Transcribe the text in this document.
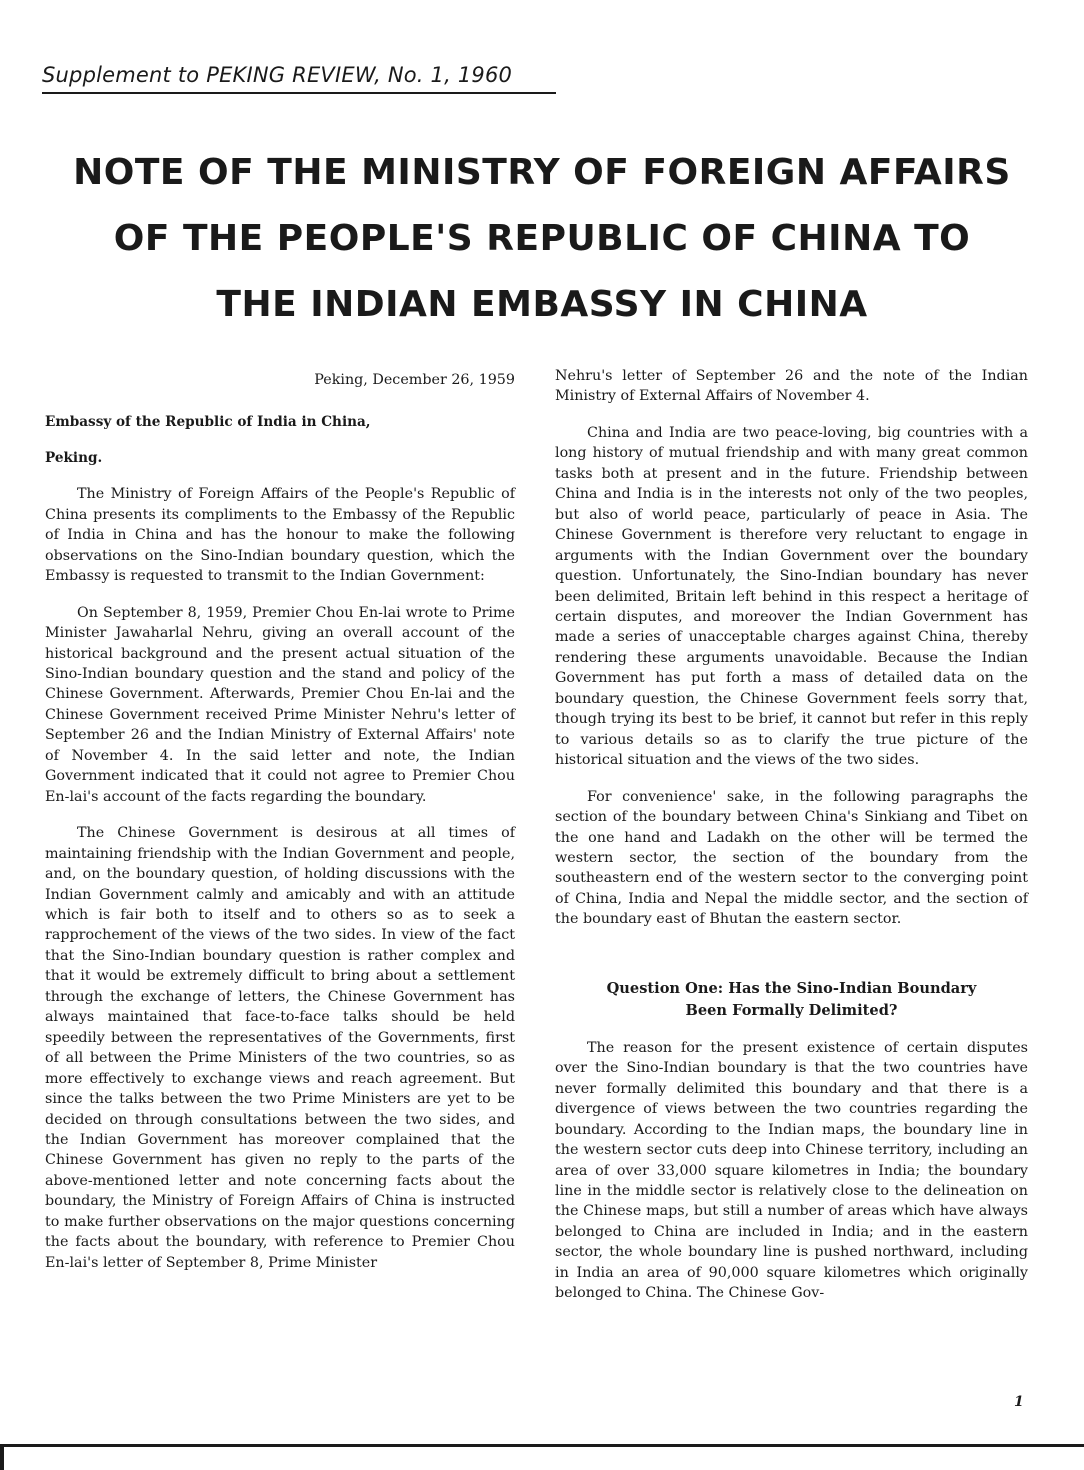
Supplement to PEKING REVIEW, No. 1, 1960
NOTE OF THE MINISTRY OF FOREIGN AFFAIRS
OF THE PEOPLE'S REPUBLIC OF CHINA TO
THE INDIAN EMBASSY IN CHINA
Peking, December 26, 1959
Embassy of the Republic of India in China,
Peking.

The Ministry of Foreign Affairs of the People's Republic of China presents its compliments to the Embassy of the Republic of India in China and has the honour to make the following observations on the Sino-Indian boundary question, which the Embassy is requested to transmit to the Indian Government:

On September 8, 1959, Premier Chou En-lai wrote to Prime Minister Jawaharlal Nehru, giving an overall account of the historical background and the present actual situation of the Sino-Indian boundary question and the stand and policy of the Chinese Government. Afterwards, Premier Chou En-lai and the Chinese Government received Prime Minister Nehru's letter of September 26 and the Indian Ministry of External Affairs' note of November 4. In the said letter and note, the Indian Government indicated that it could not agree to Premier Chou En-lai's account of the facts regarding the boundary.

The Chinese Government is desirous at all times of maintaining friendship with the Indian Government and people, and, on the boundary question, of holding discussions with the Indian Government calmly and amicably and with an attitude which is fair both to itself and to others so as to seek a rapprochement of the views of the two sides. In view of the fact that the Sino-Indian boundary question is rather complex and that it would be extremely difficult to bring about a settlement through the exchange of letters, the Chinese Government has always maintained that face-to-face talks should be held speedily between the representatives of the Governments, first of all between the Prime Ministers of the two countries, so as more effectively to exchange views and reach agreement. But since the talks between the two Prime Ministers are yet to be decided on through consultations between the two sides, and the Indian Government has moreover complained that the Chinese Government has given no reply to the parts of the above-mentioned letter and note concerning facts about the boundary, the Ministry of Foreign Affairs of China is instructed to make further observations on the major questions concerning the facts about the boundary, with reference to Premier Chou En-lai's letter of September 8, Prime Minister

Nehru's letter of September 26 and the note of the Indian Ministry of External Affairs of November 4.

China and India are two peace-loving, big countries with a long history of mutual friendship and with many great common tasks both at present and in the future. Friendship between China and India is in the interests not only of the two peoples, but also of world peace, particularly of peace in Asia. The Chinese Government is therefore very reluctant to engage in arguments with the Indian Government over the boundary question. Unfortunately, the Sino-Indian boundary has never been delimited, Britain left behind in this respect a heritage of certain disputes, and moreover the Indian Government has made a series of unacceptable charges against China, thereby rendering these arguments unavoidable. Because the Indian Government has put forth a mass of detailed data on the boundary question, the Chinese Government feels sorry that, though trying its best to be brief, it cannot but refer in this reply to various details so as to clarify the true picture of the historical situation and the views of the two sides.

For convenience' sake, in the following paragraphs the section of the boundary between China's Sinkiang and Tibet on the one hand and Ladakh on the other will be termed the western sector, the section of the boundary from the southeastern end of the western sector to the converging point of China, India and Nepal the middle sector, and the section of the boundary east of Bhutan the eastern sector.

Question One: Has the Sino-Indian Boundary
Been Formally Delimited?

The reason for the present existence of certain disputes over the Sino-Indian boundary is that the two countries have never formally delimited this boundary and that there is a divergence of views between the two countries regarding the boundary. According to the Indian maps, the boundary line in the western sector cuts deep into Chinese territory, including an area of over 33,000 square kilometres in India; the boundary line in the middle sector is relatively close to the delineation on the Chinese maps, but still a number of areas which have always belonged to China are included in India; and in the eastern sector, the whole boundary line is pushed northward, including in India an area of 90,000 square kilometres which originally belonged to China. The Chinese Gov-

1
